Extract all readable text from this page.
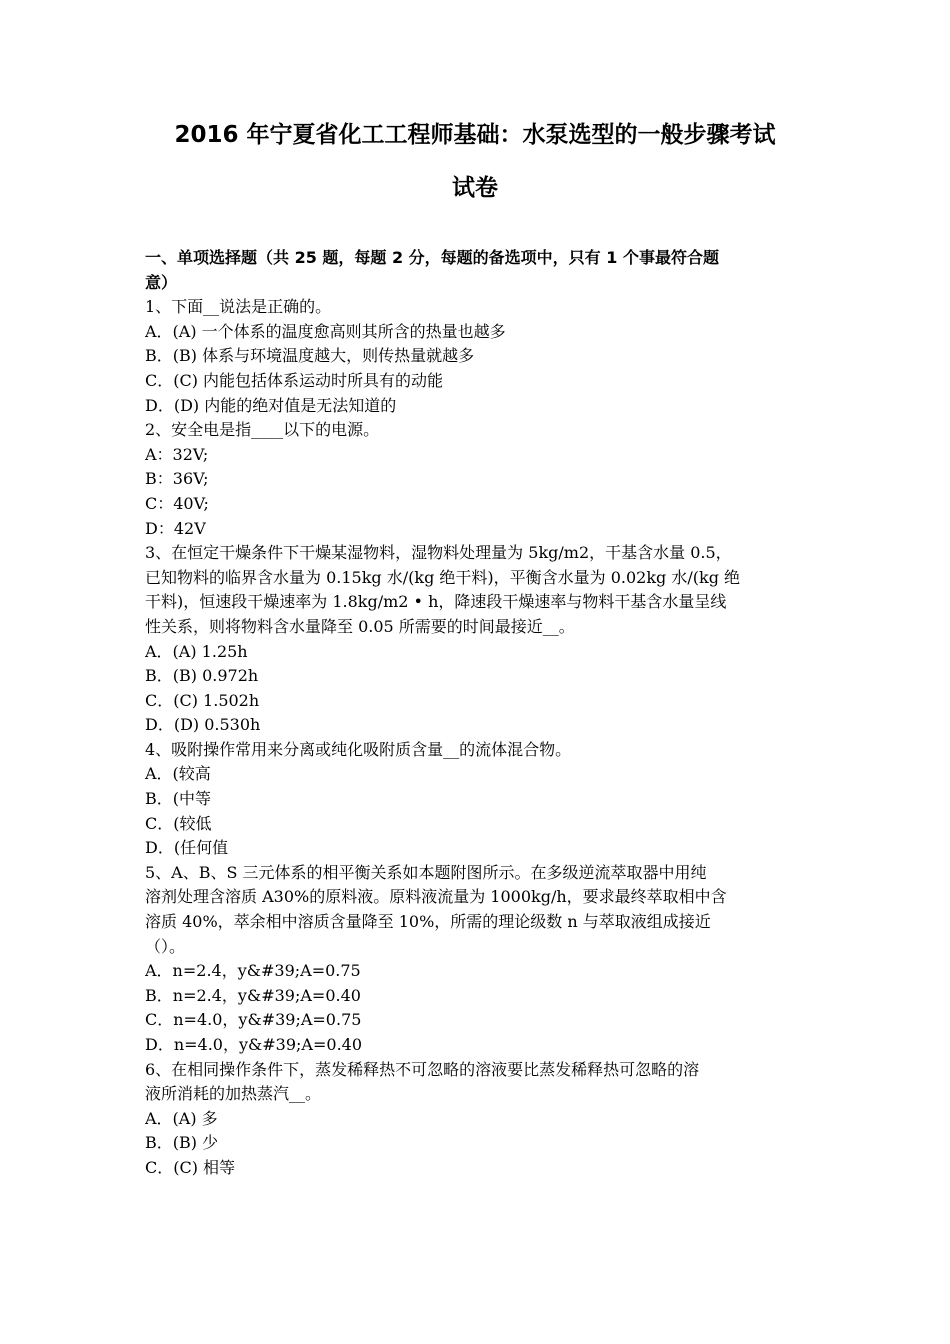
2016 年宁夏省化工工程师基础：水泵选型的一般步骤考试
试卷
一、单项选择题（共 25 题，每题 2 分，每题的备选项中，只有 1 个事最符合题
意）
1、下面__说法是正确的。
A．(A) 一个体系的温度愈高则其所含的热量也越多
B．(B) 体系与环境温度越大，则传热量就越多
C．(C) 内能包括体系运动时所具有的动能
D．(D) 内能的绝对值是无法知道的
2、安全电是指____以下的电源。
A：32V;
B：36V;
C：40V;
D：42V
3、在恒定干燥条件下干燥某湿物料，湿物料处理量为 5kg/m2，干基含水量 0.5，
已知物料的临界含水量为 0.15kg 水/(kg 绝干料)，平衡含水量为 0.02kg 水/(kg 绝
干料)，恒速段干燥速率为 1.8kg/m2 • h，降速段干燥速率与物料干基含水量呈线
性关系，则将物料含水量降至 0.05 所需要的时间最接近__。
A．(A) 1.25h
B．(B) 0.972h
C．(C) 1.502h
D．(D) 0.530h
4、吸附操作常用来分离或纯化吸附质含量__的流体混合物。
A．(较高
B．(中等
C．(较低
D．(任何值
5、A、B、S 三元体系的相平衡关系如本题附图所示。在多级逆流萃取器中用纯
溶剂处理含溶质 A30%的原料液。原料液流量为 1000kg/h，要求最终萃取相中含
溶质 40%，萃余相中溶质含量降至 10%，所需的理论级数 n 与萃取液组成接近
（）。
A．n=2.4，y&#39;A=0.75
B．n=2.4，y&#39;A=0.40
C．n=4.0，y&#39;A=0.75
D．n=4.0，y&#39;A=0.40
6、在相同操作条件下，蒸发稀释热不可忽略的溶液要比蒸发稀释热可忽略的溶
液所消耗的加热蒸汽__。
A．(A) 多
B．(B) 少
C．(C) 相等
